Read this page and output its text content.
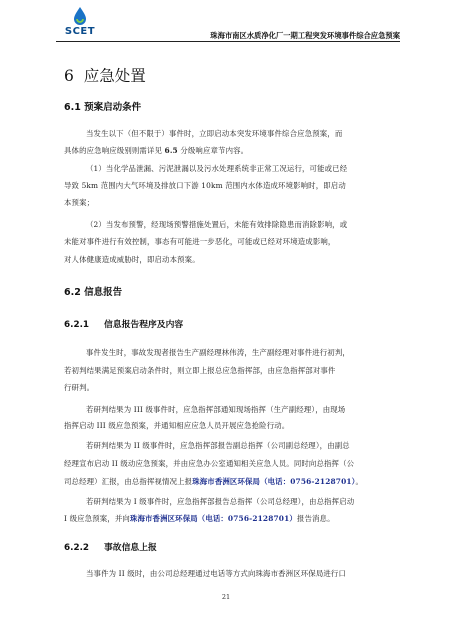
SCET	珠海市南区水质净化厂一期工程突发环境事件综合应急预案
6 应急处置
6.1 预案启动条件
当发生以下（但不限于）事件时，立即启动本突发环境事件综合应急预案，而
具体的应急响应级别则需详见 6.5 分级响应章节内容。
（1）当化学品泄漏、污泥泄漏以及污水处理系统非正常工况运行，可能或已经
导致 5km 范围内大气环境及排放口下游 10km 范围内水体造成环境影响时，即启动
本预案；
（2）当发布预警，经现场预警措施处置后，未能有效排除隐患而消除影响，或
未能对事件进行有效控制，事态有可能进一步恶化，可能或已经对环境造成影响，
对人体健康造成威胁时，即启动本预案。
6.2 信息报告
6.2.1 信息报告程序及内容
事件发生时，事故发现者报告生产副经理林伟涛，生产副经理对事件进行初判，
若初判结果满足预案启动条件时，则立即上报总应急指挥部，由应急指挥部对事件
行研判。
若研判结果为 III 级事件时，应急指挥部通知现场指挥（生产副经理），由现场
指挥启动 III 级应急预案，并通知相应应急人员开展应急抢险行动。
若研判结果为 II 级事件时，应急指挥部报告副总指挥（公司副总经理），由副总
经理宣布启动 II 级动应急预案，并由应急办公室通知相关应急人员。同时向总指挥（公
司总经理）汇报，由总指挥视情况上报珠海市香洲区环保局（电话：0756-2128701）。
若研判结果为 I 级事件时，应急指挥部报告总指挥（公司总经理），由总指挥启动
I 级应急预案，并向珠海市香洲区环保局（电话：0756-2128701）报告消息。
6.2.2 事故信息上报
当事件为 II 级时，由公司总经理通过电话等方式向珠海市香洲区环保局进行口
21
